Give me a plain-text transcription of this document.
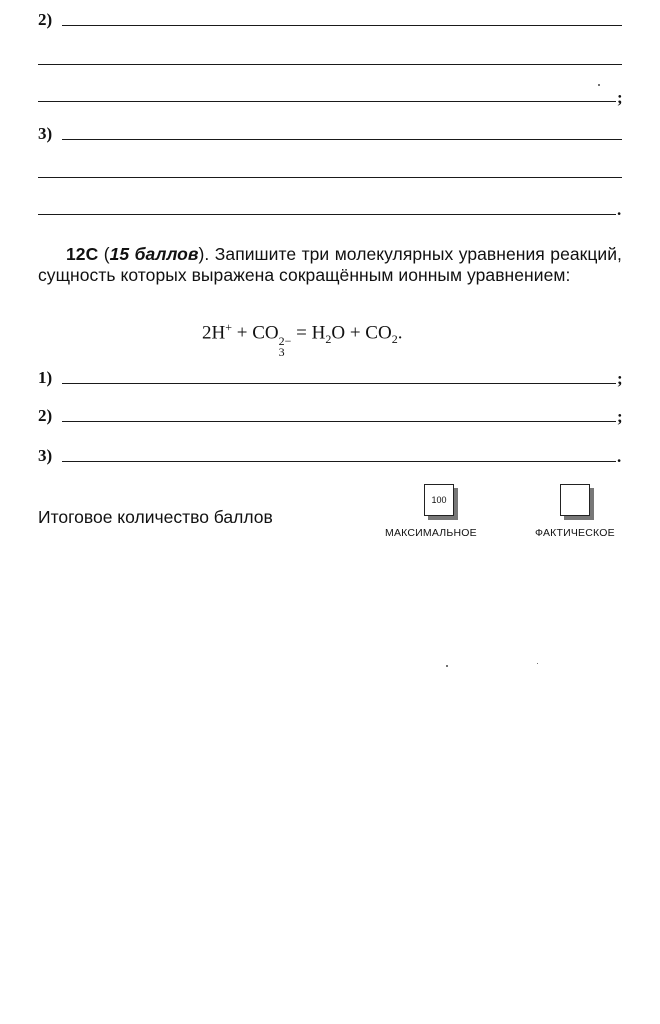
2)
;
3)
.
12С (15 баллов). Запишите три молекулярных уравнения реакций, сущность которых выражена сокращённым ионным уравнением:
2H+ + CO 2−
3
= $H_2O + CO_2$.
1)	;
2)	;
3)	.
Итоговое количество баллов
100
МАКСИМАЛЬНОЕ	ФАКТИЧЕСКОЕ
